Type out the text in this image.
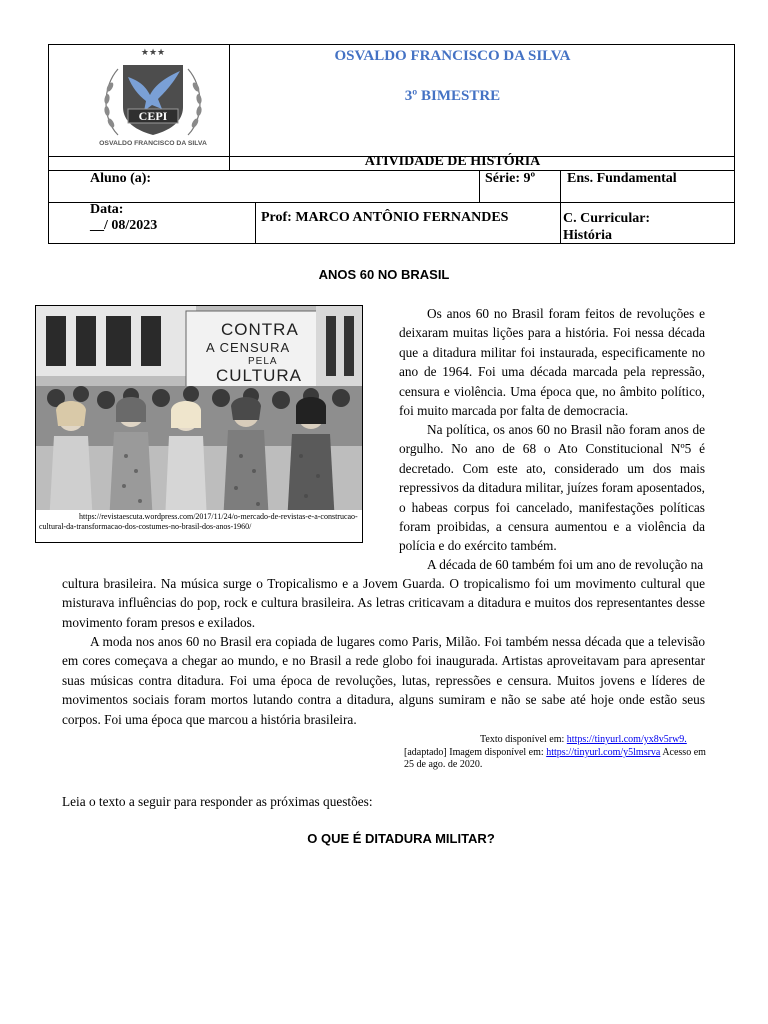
★★★
CEPI
OSVALDO FRANCISCO DA SILVA
OSVALDO FRANCISCO DA SILVA
3º BIMESTRE
ATIVIDADE DE HISTÓRIA
Aluno (a):	Série: 9º Ens. Fundamental
Data:
__/ 08/2023
Prof: MARCO ANTÔNIO FERNANDES	C. Curricular:
História
ANOS 60 NO BRASIL
CONTRA
A CENSURA
PELA
CULTURA
https://revistaescuta.wordpress.com/2017/11/24/o-mercado-de-revistas-e-a-construcao-cultural-da-transformacao-dos-costumes-no-brasil-dos-anos-1960/
Os anos 60 no Brasil foram feitos de revoluções e deixaram muitas lições para a história. Foi nessa década que a ditadura militar foi instaurada, especificamente no ano de 1964. Foi uma década marcada pela repressão, censura e violência. Uma época que, no âmbito político, foi muito marcada por falta de democracia.
Na política, os anos 60 no Brasil não foram anos de orgulho. No ano de 68 o Ato Constitucional Nº5 é decretado. Com este ato, considerado um dos mais repressivos da ditadura militar, juízes foram aposentados, o habeas corpus foi cancelado, manifestações políticas foram proibidas, a censura aumentou e a violência da polícia e do exército também.
A década de 60 também foi um ano de revolução na
cultura brasileira. Na música surge o Tropicalismo e a Jovem Guarda. O tropicalismo foi um movimento cultural que misturava influências do pop, rock e cultura brasileira. As letras criticavam a ditadura e muitos dos representantes desse movimento foram presos e exilados.
A moda nos anos 60 no Brasil era copiada de lugares como Paris, Milão. Foi também nessa década que a televisão em cores começava a chegar ao mundo, e no Brasil a rede globo foi inaugurada. Artistas aproveitavam para apresentar suas músicas contra ditadura. Foi uma época de revoluções, lutas, repressões e censura. Muitos jovens e líderes de movimentos sociais foram mortos lutando contra a ditadura, alguns sumiram e não se sabe até hoje onde estão seus corpos. Foi uma época que marcou a história brasileira.
Texto disponível em: https://tinyurl.com/yx8v5rw9.
[adaptado] Imagem disponível em: https://tinyurl.com/y5lmsrva Acesso em 25 de ago. de 2020.
Leia o texto a seguir para responder as próximas questões:
O QUE É DITADURA MILITAR?
